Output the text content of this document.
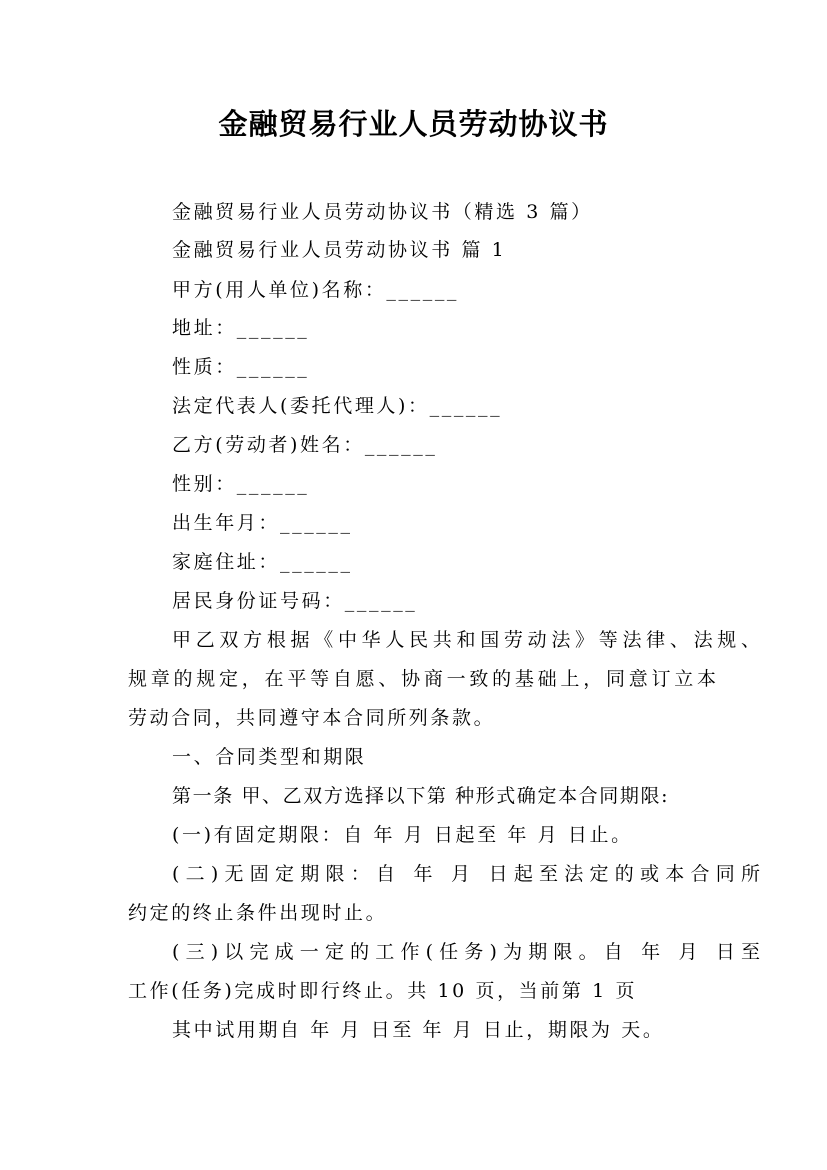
金融贸易行业人员劳动协议书
金融贸易行业人员劳动协议书（精选 3 篇）
金融贸易行业人员劳动协议书 篇 1
甲方(用人单位)名称：______
地址：______
性质：______
法定代表人(委托代理人)：______
乙方(劳动者)姓名：______
性别：______
出生年月：______
家庭住址：______
居民身份证号码：______
甲乙双方根据《中华人民共和国劳动法》等法律、法规、
规章的规定，在平等自愿、协商一致的基础上，同意订立本
劳动合同，共同遵守本合同所列条款。
一、合同类型和期限
第一条 甲、乙双方选择以下第 种形式确定本合同期限:
(一)有固定期限：自 年 月 日起至 年 月 日止。
(二)无固定期限：自 年 月 日起至法定的或本合同所
约定的终止条件出现时止。
(三)以完成一定的工作(任务)为期限。自 年 月 日至
工作(任务)完成时即行终止。共 10 页，当前第 1 页
其中试用期自 年 月 日至 年 月 日止，期限为 天。
